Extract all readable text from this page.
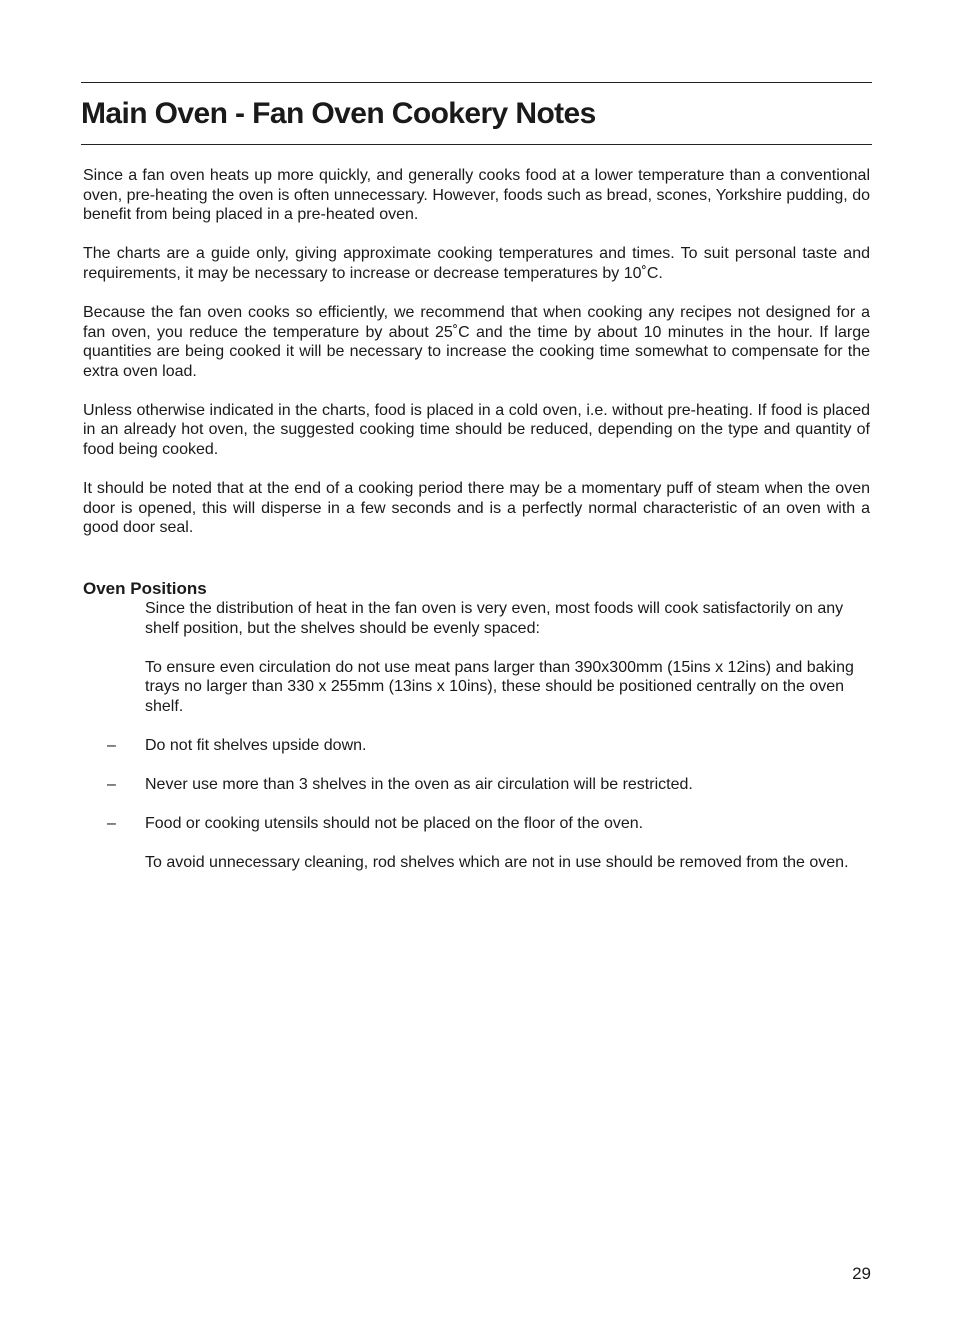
Main Oven - Fan Oven Cookery Notes

Since a fan oven heats up more quickly, and generally cooks food at a lower temperature than a conventional oven, pre-heating the oven is often unnecessary. However, foods such as bread, scones, Yorkshire pudding, do benefit from being placed in a pre-heated oven.

The charts are a guide only, giving approximate cooking temperatures and times. To suit personal taste and requirements, it may be necessary to increase or decrease temperatures by 10˚C.

Because the fan oven cooks so efficiently, we recommend that when cooking any recipes not designed for a fan oven, you reduce the temperature by about 25˚C and the time by about 10 minutes in the hour. If large quantities are being cooked it will be necessary to increase the cooking time somewhat to compensate for the extra oven load.

Unless otherwise indicated in the charts, food is placed in a cold oven, i.e. without pre-heating. If food is placed in an already hot oven, the suggested cooking time should be reduced, depending on the type and quantity of food being cooked.

It should be noted that at the end of a cooking period there may be a momentary puff of steam when the oven door is opened, this will disperse in a few seconds and is a perfectly normal characteristic of an oven with a good door seal.

Oven Positions

Since the distribution of heat in the fan oven is very even, most foods will cook satisfactorily on any shelf position, but the shelves should be evenly spaced:

To ensure even circulation do not use meat pans larger than 390x300mm (15ins x 12ins) and baking trays no larger than 330 x 255mm (13ins x 10ins), these should be positioned centrally on the oven shelf.

– Do not fit shelves upside down.
– Never use more than 3 shelves in the oven as air circulation will be restricted.
– Food or cooking utensils should not be placed on the floor of the oven.

To avoid unnecessary cleaning, rod shelves which are not in use should be removed from the oven.

29
